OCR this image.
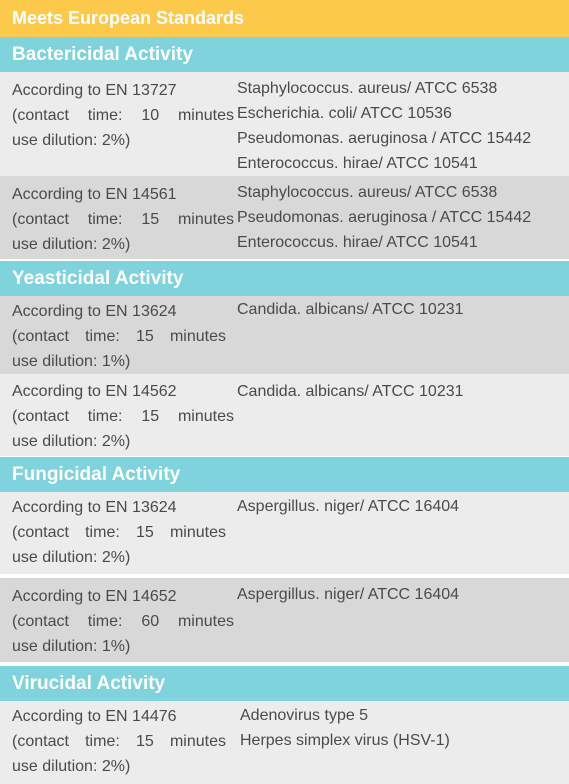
Meets European Standards
Bactericidal Activity
According to EN 13727
(contact time: 10 minutes
use dilution: 2%)
Staphylococcus. aureus/ ATCC 6538
Escherichia. coli/ ATCC 10536
Pseudomonas. aeruginosa / ATCC 15442
Enterococcus. hirae/ ATCC 10541
According to EN 14561
(contact time: 15 minutes
use dilution: 2%)
Staphylococcus. aureus/ ATCC 6538
Pseudomonas. aeruginosa / ATCC 15442
Enterococcus. hirae/ ATCC 10541
Yeasticidal Activity
According to EN 13624
(contact time: 15 minutes
use dilution: 1%)
Candida. albicans/ ATCC 10231
According to EN 14562
(contact time: 15 minutes
use dilution: 2%)
Candida. albicans/ ATCC 10231
Fungicidal Activity
According to EN 13624
(contact time: 15 minutes
use dilution: 2%)
Aspergillus. niger/ ATCC 16404
According to EN 14652
(contact time: 60 minutes
use dilution: 1%)
Aspergillus. niger/ ATCC 16404
Virucidal Activity
According to EN 14476
(contact time: 15 minutes
use dilution: 2%)
Adenovirus type 5
Herpes simplex virus (HSV-1)
